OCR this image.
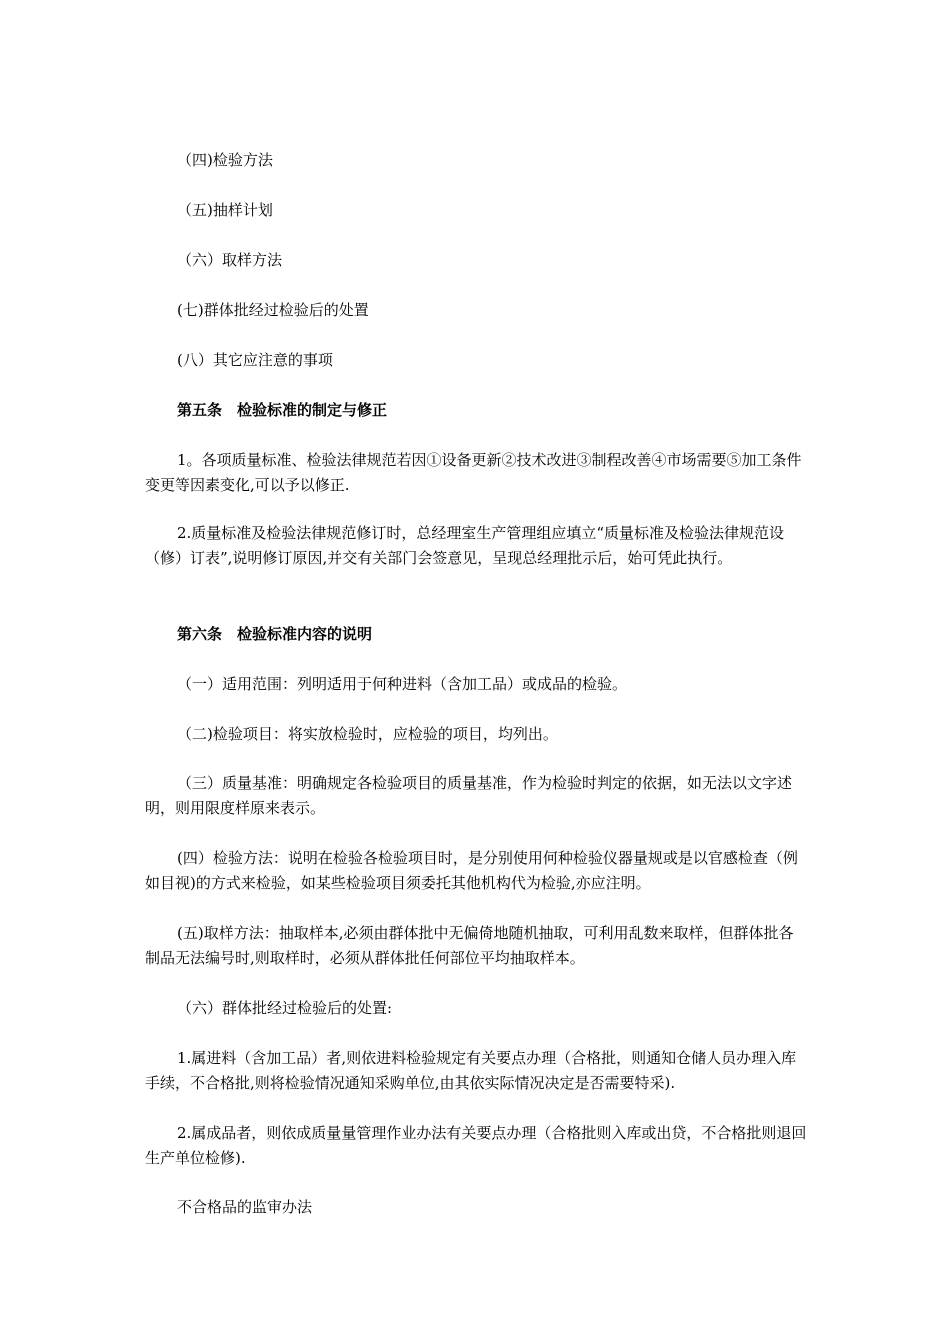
（四)检验方法
（五)抽样计划
（六）取样方法
(七)群体批经过检验后的处置
(八）其它应注意的事项
第五条　检验标准的制定与修正
1。各项质量标准、检验法律规范若因①设备更新②技术改进③制程改善④市场需要⑤加工条件变更等因素变化,可以予以修正.
2.质量标准及检验法律规范修订时，总经理室生产管理组应填立“质量标准及检验法律规范设（修）订表”,说明修订原因,并交有关部门会签意见，呈现总经理批示后，始可凭此执行。
第六条　检验标准内容的说明
（一）适用范围：列明适用于何种进料（含加工品）或成品的检验。
（二)检验项目：将实放检验时，应检验的项目，均列出。
（三）质量基准：明确规定各检验项目的质量基准，作为检验时判定的依据，如无法以文字述明，则用限度样原来表示。
(四）检验方法：说明在检验各检验项目时，是分别使用何种检验仪器量规或是以官感检查（例如目视)的方式来检验，如某些检验项目须委托其他机构代为检验,亦应注明。
(五)取样方法：抽取样本,必须由群体批中无偏倚地随机抽取，可利用乱数来取样，但群体批各制品无法编号时,则取样时，必须从群体批任何部位平均抽取样本。
（六）群体批经过检验后的处置:
1.属进料（含加工品）者,则依进料检验规定有关要点办理（合格批，则通知仓储人员办理入库手续，不合格批,则将检验情况通知采购单位,由其依实际情况决定是否需要特采).
2.属成品者，则依成质量量管理作业办法有关要点办理（合格批则入库或出贷，不合格批则退回生产单位检修).
不合格品的监审办法
